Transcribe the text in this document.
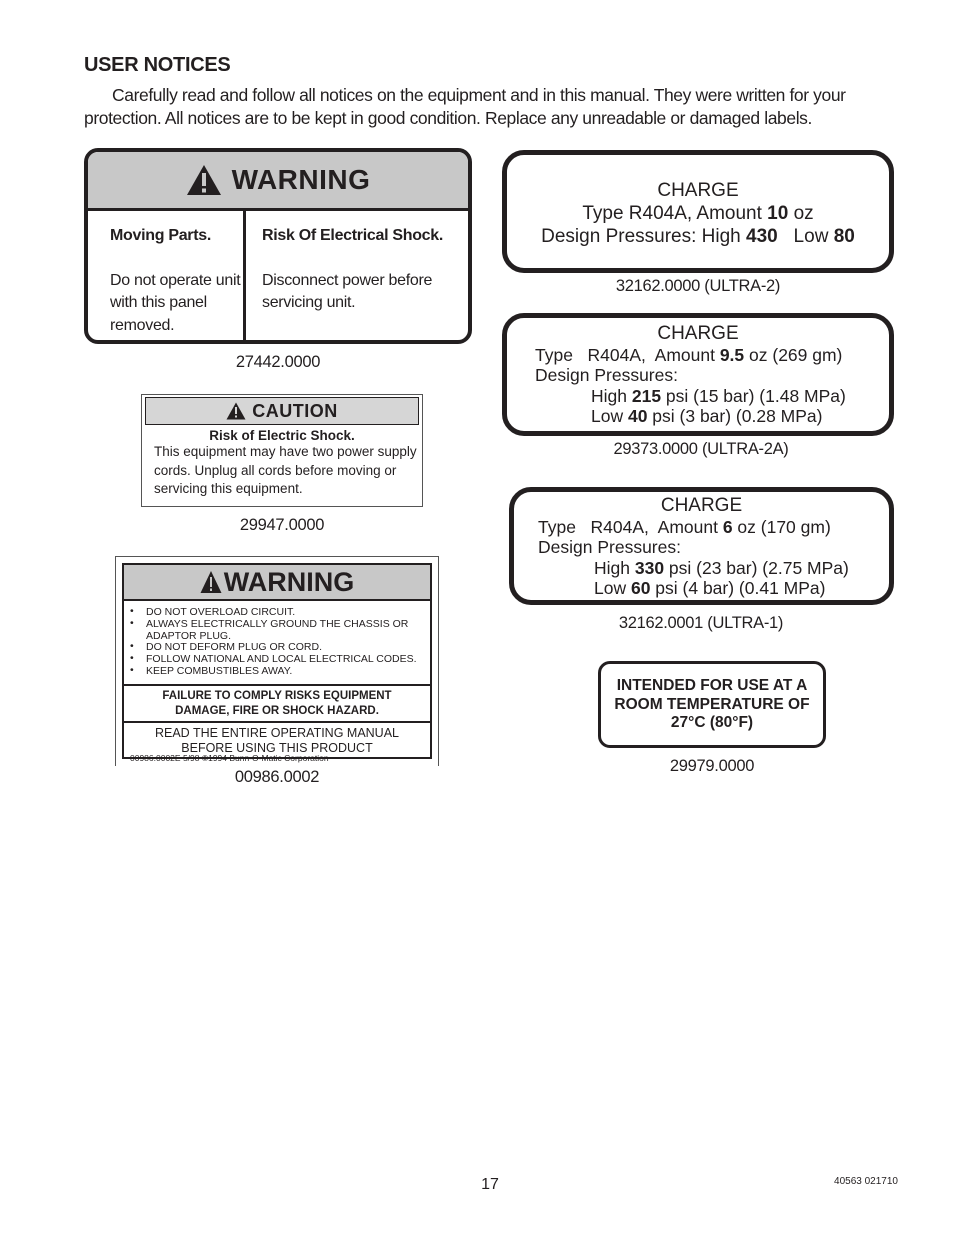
USER NOTICES

Carefully read and follow all notices on the equipment and in this manual. They were written for your protection. All notices are to be kept in good condition. Replace any unreadable or damaged labels.

WARNING
Moving Parts.
Do not operate unit with this panel removed.
Risk Of Electrical Shock.
Disconnect power before servicing unit.
27442.0000
CAUTION
Risk of Electric Shock.
This equipment may have two power supply cords. Unplug all cords before moving or servicing this equipment.
29947.0000
WARNING
• DO NOT OVERLOAD CIRCUIT.
• ALWAYS ELECTRICALLY GROUND THE CHASSIS OR ADAPTOR PLUG.
• DO NOT DEFORM PLUG OR CORD.
• FOLLOW NATIONAL AND LOCAL ELECTRICAL CODES.
• KEEP COMBUSTIBLES AWAY.
FAILURE TO COMPLY RISKS EQUIPMENT
DAMAGE, FIRE OR SHOCK HAZARD.
READ THE ENTIRE OPERATING MANUAL
BEFORE USING THIS PRODUCT
00986.0002E 5/98 ©1994 Bunn-O-Matic Corporation
00986.0002
CHARGE
Type R404A, Amount 10 oz
Design Pressures: High 430   Low 80
32162.0000 (ULTRA-2)
CHARGE
Type   R404A,  Amount 9.5 oz (269 gm)
Design Pressures:
High 215 psi (15 bar) (1.48 MPa)
Low 40 psi (3 bar) (0.28 MPa)
29373.0000 (ULTRA-2A)
CHARGE
Type   R404A,  Amount 6 oz (170 gm)
Design Pressures:
High 330 psi (23 bar) (2.75 MPa)
Low 60 psi (4 bar) (0.41 MPa)
32162.0001 (ULTRA-1)
INTENDED FOR USE AT A
ROOM TEMPERATURE OF
27°C (80°F)
29979.0000
17	40563 021710
